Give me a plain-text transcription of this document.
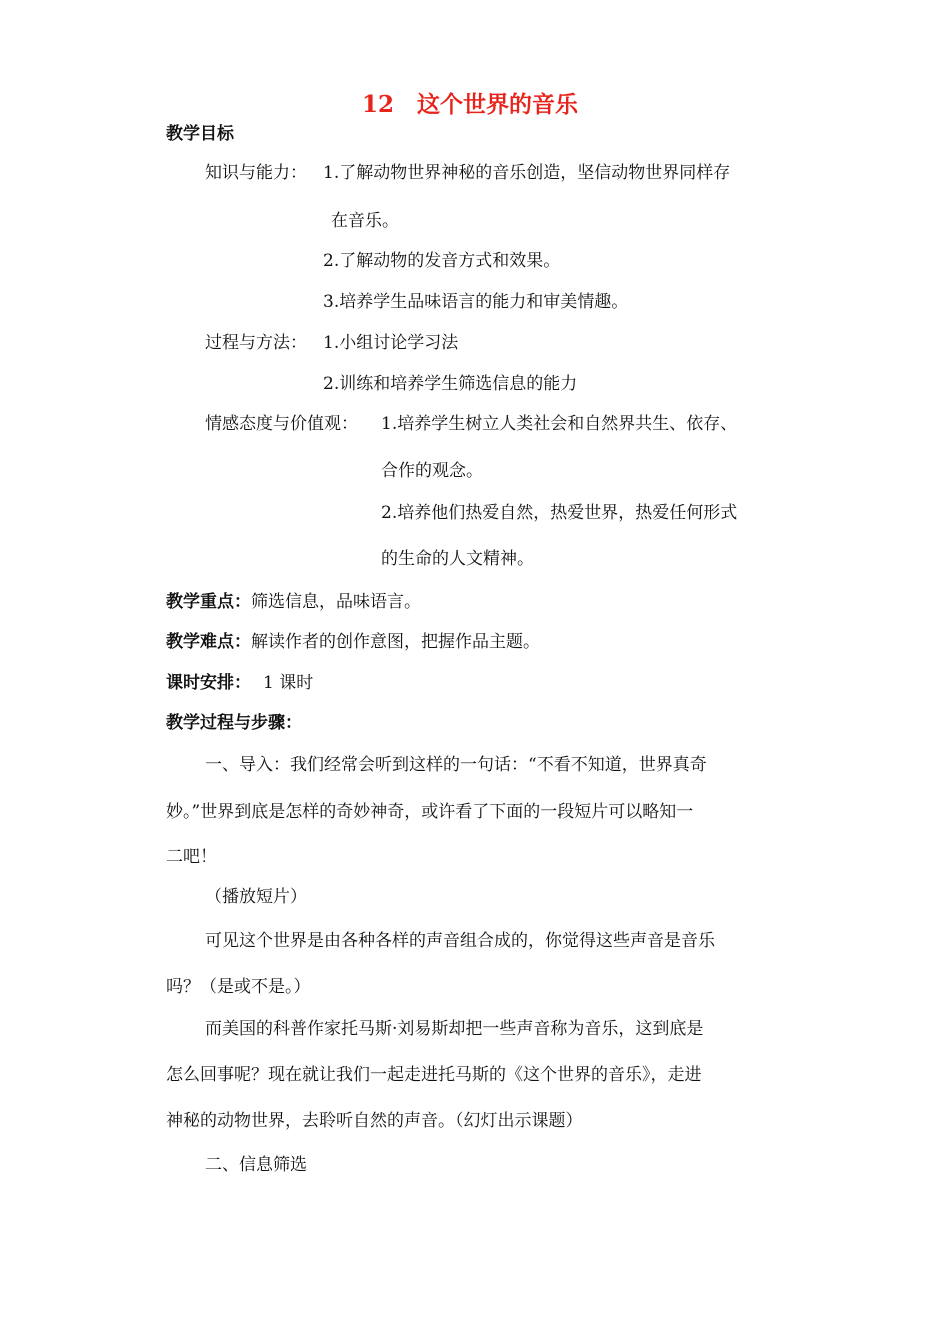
12　这个世界的音乐
教学目标
知识与能力： 1.了解动物世界神秘的音乐创造，坚信动物世界同样存
在音乐。
2.了解动物的发音方式和效果。
3.培养学生品味语言的能力和审美情趣。
过程与方法： 1.小组讨论学习法
2.训练和培养学生筛选信息的能力
情感态度与价值观： 1.培养学生树立人类社会和自然界共生、依存、
合作的观念。
2.培养他们热爱自然，热爱世界，热爱任何形式
的生命的人文精神。
教学重点：筛选信息，品味语言。
教学难点：解读作者的创作意图，把握作品主题。
课时安排： 1 课时
教学过程与步骤：
一、导入：我们经常会听到这样的一句话：“不看不知道，世界真奇
妙。”世界到底是怎样的奇妙神奇，或许看了下面的一段短片可以略知一
二吧！
（播放短片）
可见这个世界是由各种各样的声音组合成的，你觉得这些声音是音乐
吗？（是或不是。）
而美国的科普作家托马斯·刘易斯却把一些声音称为音乐，这到底是
怎么回事呢？现在就让我们一起走进托马斯的《这个世界的音乐》，走进
神秘的动物世界，去聆听自然的声音。（幻灯出示课题）
二、信息筛选
